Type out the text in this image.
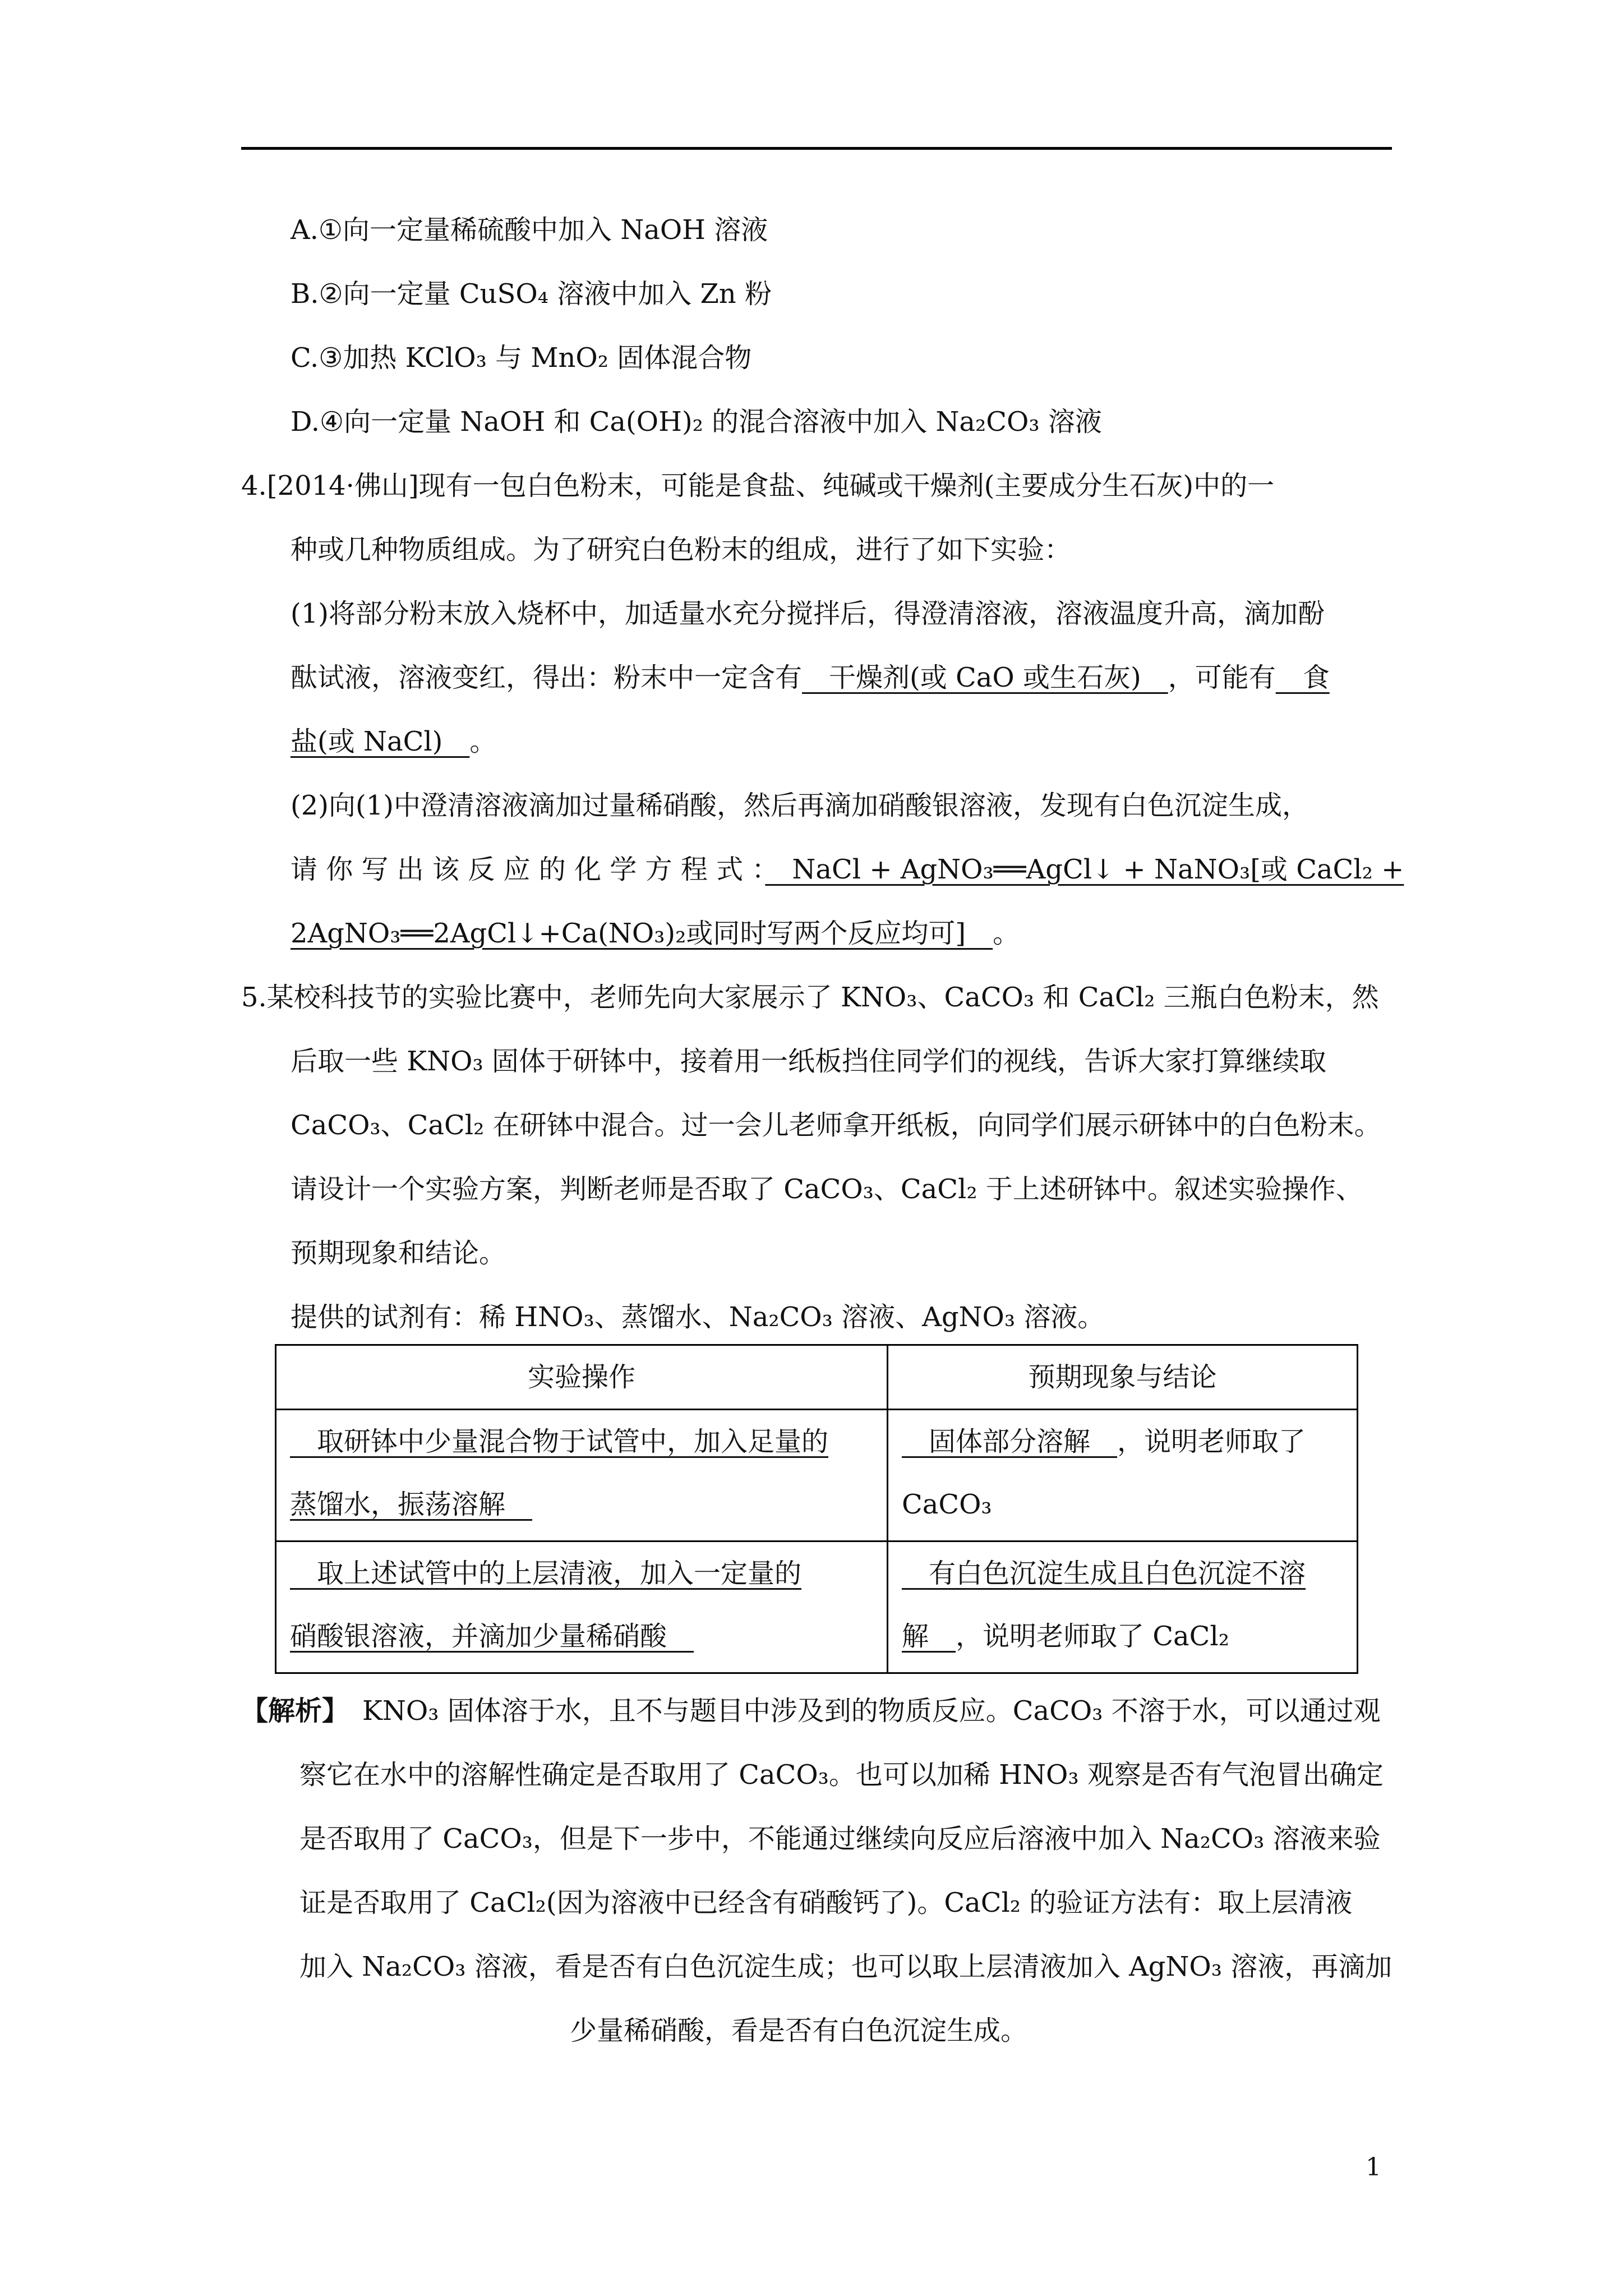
A.①向一定量稀硫酸中加入 NaOH 溶液
B.②向一定量 CuSO₄ 溶液中加入 Zn 粉
C.③加热 KClO₃ 与 MnO₂ 固体混合物
D.④向一定量 NaOH 和 Ca(OH)₂ 的混合溶液中加入 Na₂CO₃ 溶液
4.[2014·佛山]现有一包白色粉末，可能是食盐、纯碱或干燥剂(主要成分生石灰)中的一
种或几种物质组成。为了研究白色粉末的组成，进行了如下实验：
(1)将部分粉末放入烧杯中，加适量水充分搅拌后，得澄清溶液，溶液温度升高，滴加酚
酞试液，溶液变红，得出：粉末中一定含有　干燥剂(或 CaO 或生石灰)　，可能有　食
盐(或 NaCl)　。
(2)向(1)中澄清溶液滴加过量稀硝酸，然后再滴加硝酸银溶液，发现有白色沉淀生成，
请 你 写 出 该 反 应 的 化 学 方 程 式 ：　NaCl + AgNO₃══AgCl↓ + NaNO₃[或 CaCl₂ +
2AgNO₃══2AgCl↓+Ca(NO₃)₂或同时写两个反应均可]　。
5.某校科技节的实验比赛中，老师先向大家展示了 KNO₃、CaCO₃ 和 CaCl₂ 三瓶白色粉末，然
后取一些 KNO₃ 固体于研钵中，接着用一纸板挡住同学们的视线，告诉大家打算继续取
CaCO₃、CaCl₂ 在研钵中混合。过一会儿老师拿开纸板，向同学们展示研钵中的白色粉末。
请设计一个实验方案，判断老师是否取了 CaCO₃、CaCl₂ 于上述研钵中。叙述实验操作、
预期现象和结论。
提供的试剂有：稀 HNO₃、蒸馏水、Na₂CO₃ 溶液、AgNO₃ 溶液。
实验操作	预期现象与结论
　取研钵中少量混合物于试管中，加入足量的
蒸馏水，振荡溶解　	　固体部分溶解　，说明老师取了
CaCO₃
　取上述试管中的上层清液，加入一定量的
硝酸银溶液，并滴加少量稀硝酸　	　有白色沉淀生成且白色沉淀不溶
解　，说明老师取了 CaCl₂
【解析】　 KNO₃ 固体溶于水，且不与题目中涉及到的物质反应。CaCO₃ 不溶于水，可以通过观
察它在水中的溶解性确定是否取用了 CaCO₃。也可以加稀 HNO₃ 观察是否有气泡冒出确定
是否取用了 CaCO₃，但是下一步中，不能通过继续向反应后溶液中加入 Na₂CO₃ 溶液来验
证是否取用了 CaCl₂(因为溶液中已经含有硝酸钙了)。CaCl₂ 的验证方法有：取上层清液
加入 Na₂CO₃ 溶液，看是否有白色沉淀生成；也可以取上层清液加入 AgNO₃ 溶液，再滴加
少量稀硝酸，看是否有白色沉淀生成。
1
